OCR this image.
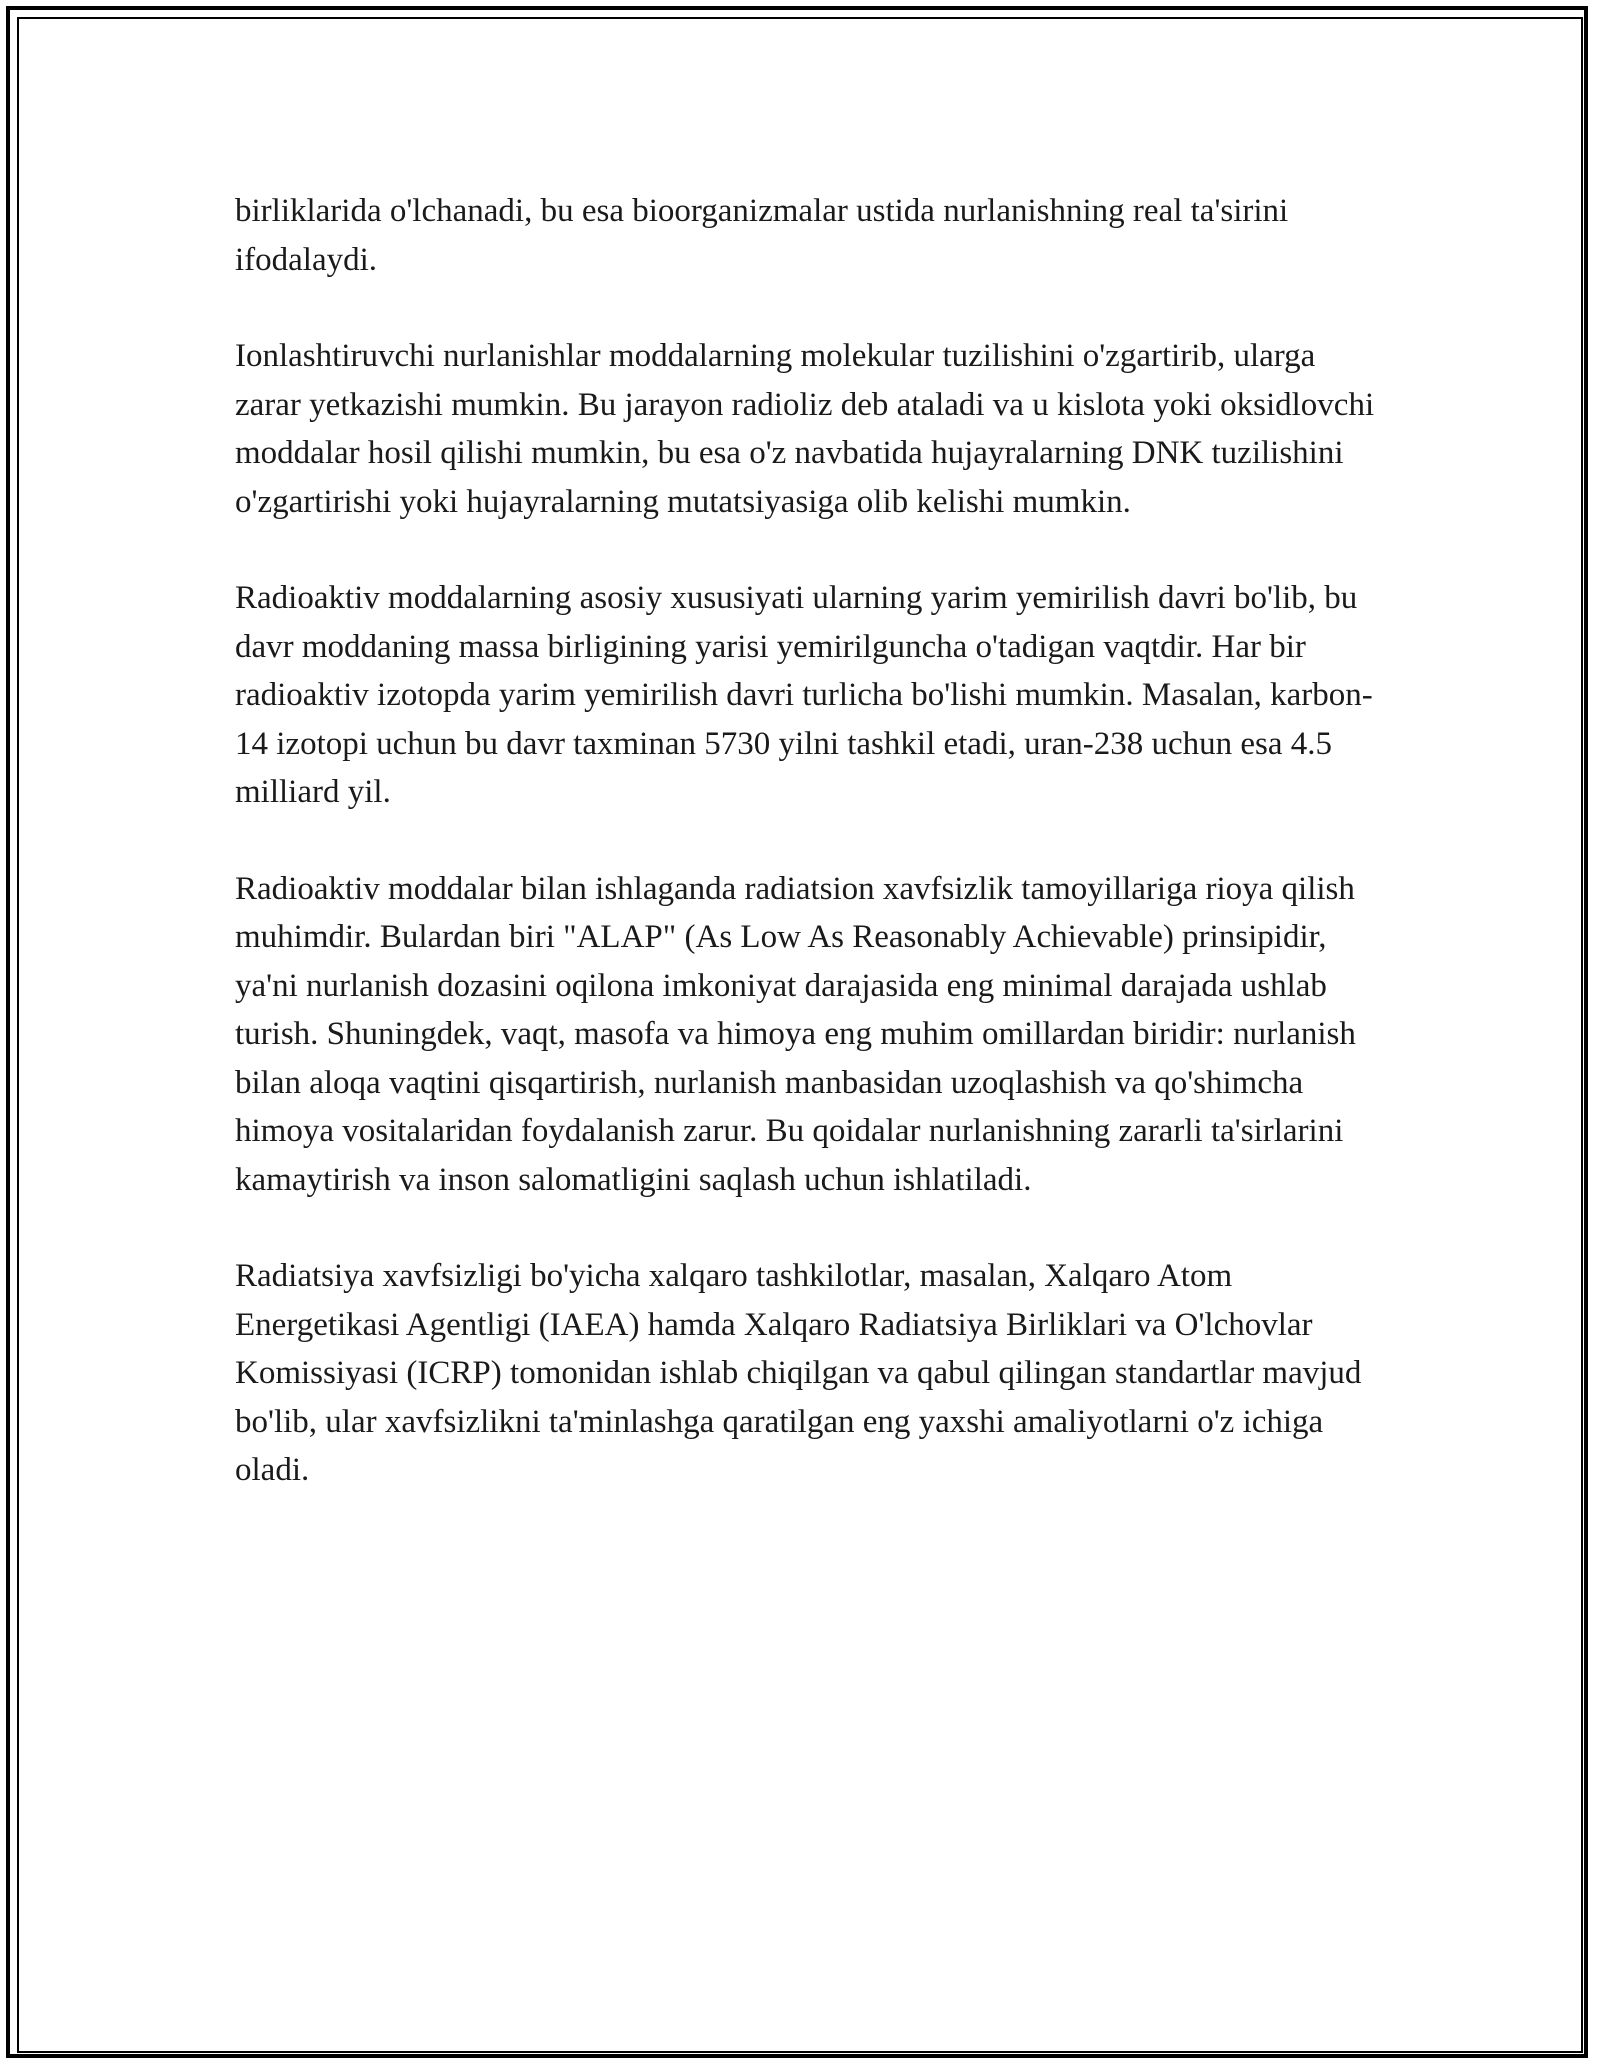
birliklarida o'lchanadi, bu esa bioorganizmalar ustida nurlanishning real ta'sirini ifodalaydi.

Ionlashtiruvchi nurlanishlar moddalarning molekular tuzilishini o'zgartirib, ularga zarar yetkazishi mumkin. Bu jarayon radioliz deb ataladi va u kislota yoki oksidlovchi moddalar hosil qilishi mumkin, bu esa o'z navbatida hujayralarning DNK tuzilishini o'zgartirishi yoki hujayralarning mutatsiyasiga olib kelishi mumkin.

Radioaktiv moddalarning asosiy xususiyati ularning yarim yemirilish davri bo'lib, bu davr moddaning massa birligining yarisi yemirilguncha o'tadigan vaqtdir. Har bir radioaktiv izotopda yarim yemirilish davri turlicha bo'lishi mumkin. Masalan, karbon-14 izotopi uchun bu davr taxminan 5730 yilni tashkil etadi, uran-238 uchun esa 4.5 milliard yil.

Radioaktiv moddalar bilan ishlaganda radiatsion xavfsizlik tamoyillariga rioya qilish muhimdir. Bulardan biri "ALAP" (As Low As Reasonably Achievable) prinsipidir, ya'ni nurlanish dozasini oqilona imkoniyat darajasida eng minimal darajada ushlab turish. Shuningdek, vaqt, masofa va himoya eng muhim omillardan biridir: nurlanish bilan aloqa vaqtini qisqartirish, nurlanish manbasidan uzoqlashish va qo'shimcha himoya vositalaridan foydalanish zarur. Bu qoidalar nurlanishning zararli ta'sirlarini kamaytirish va inson salomatligini saqlash uchun ishlatiladi.

Radiatsiya xavfsizligi bo'yicha xalqaro tashkilotlar, masalan, Xalqaro Atom Energetikasi Agentligi (IAEA) hamda Xalqaro Radiatsiya Birliklari va O'lchovlar Komissiyasi (ICRP) tomonidan ishlab chiqilgan va qabul qilingan standartlar mavjud bo'lib, ular xavfsizlikni ta'minlashga qaratilgan eng yaxshi amaliyotlarni o'z ichiga oladi.
